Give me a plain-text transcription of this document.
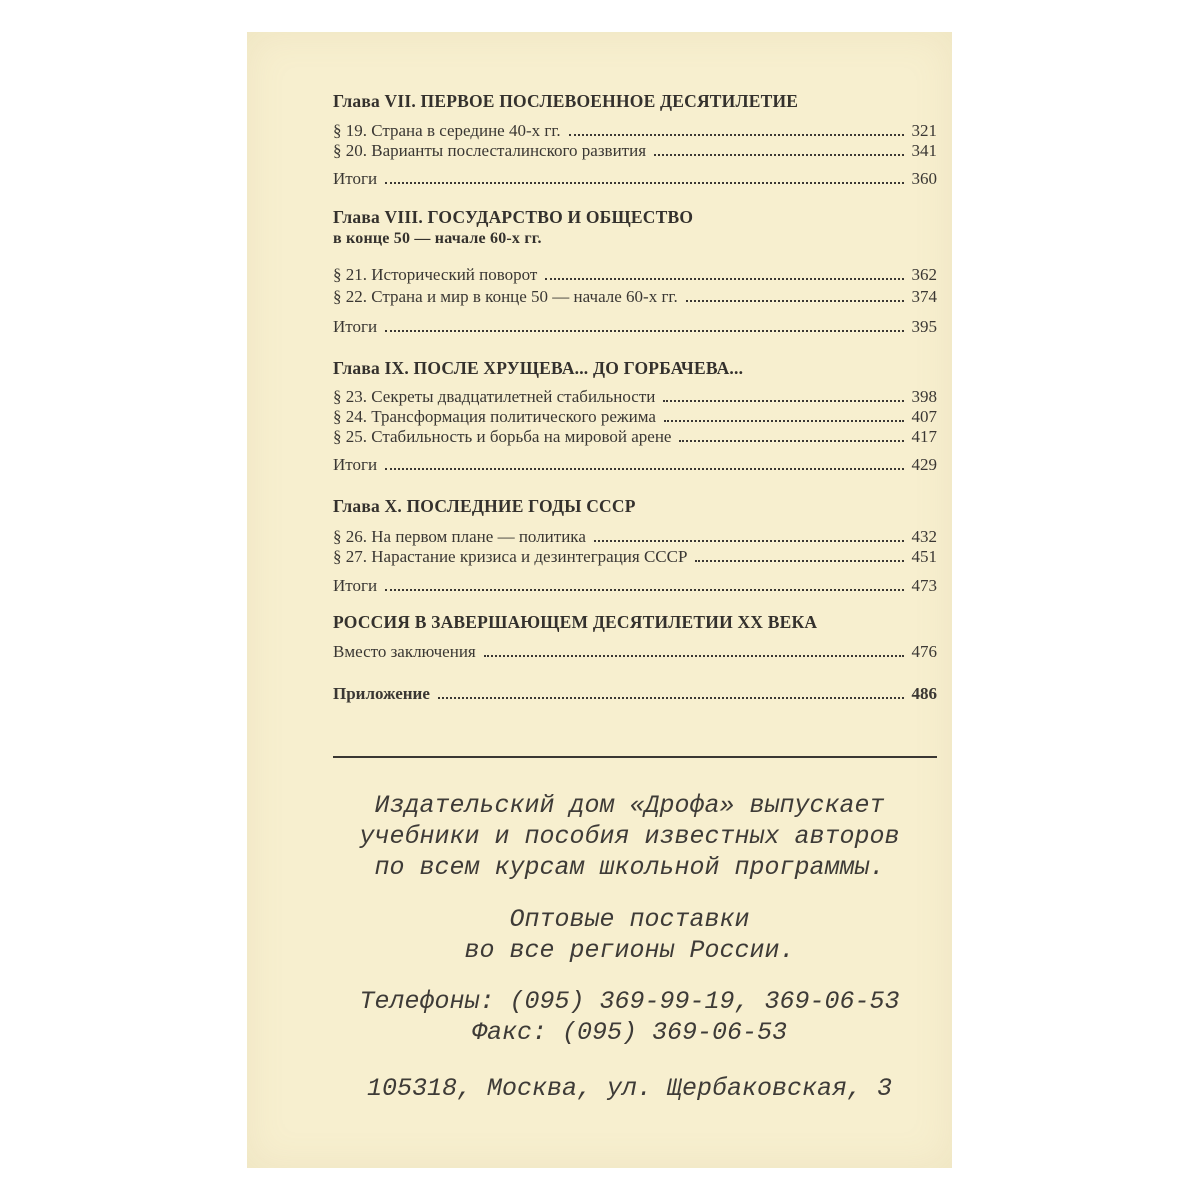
Глава VII. ПЕРВОЕ ПОСЛЕВОЕННОЕ ДЕСЯТИЛЕТИЕ
§ 19. Страна в середине 40-х гг.	321
§ 20. Варианты послесталинского развития	341
Итоги	360
Глава VIII. ГОСУДАРСТВО И ОБЩЕСТВО
в конце 50 — начале 60-х гг.
§ 21. Исторический поворот	362
§ 22. Страна и мир в конце 50 — начале 60-х гг.	374
Итоги	395
Глава IX. ПОСЛЕ ХРУЩЕВА... ДО ГОРБАЧЕВА...
§ 23. Секреты двадцатилетней стабильности	398
§ 24. Трансформация политического режима	407
§ 25. Стабильность и борьба на мировой арене	417
Итоги	429
Глава X. ПОСЛЕДНИЕ ГОДЫ СССР
§ 26. На первом плане — политика	432
§ 27. Нарастание кризиса и дезинтеграция СССР	451
Итоги	473
РОССИЯ В ЗАВЕРШАЮЩЕМ ДЕСЯТИЛЕТИИ XX ВЕКА
Вместо заключения	476
Приложение	486
Издательский дом «Дрофа» выпускает
учебники и пособия известных авторов
по всем курсам школьной программы.
Оптовые поставки
во все регионы России.
Телефоны: (095) 369-99-19, 369-06-53
Факс: (095) 369-06-53
105318, Москва, ул. Щербаковская, 3
